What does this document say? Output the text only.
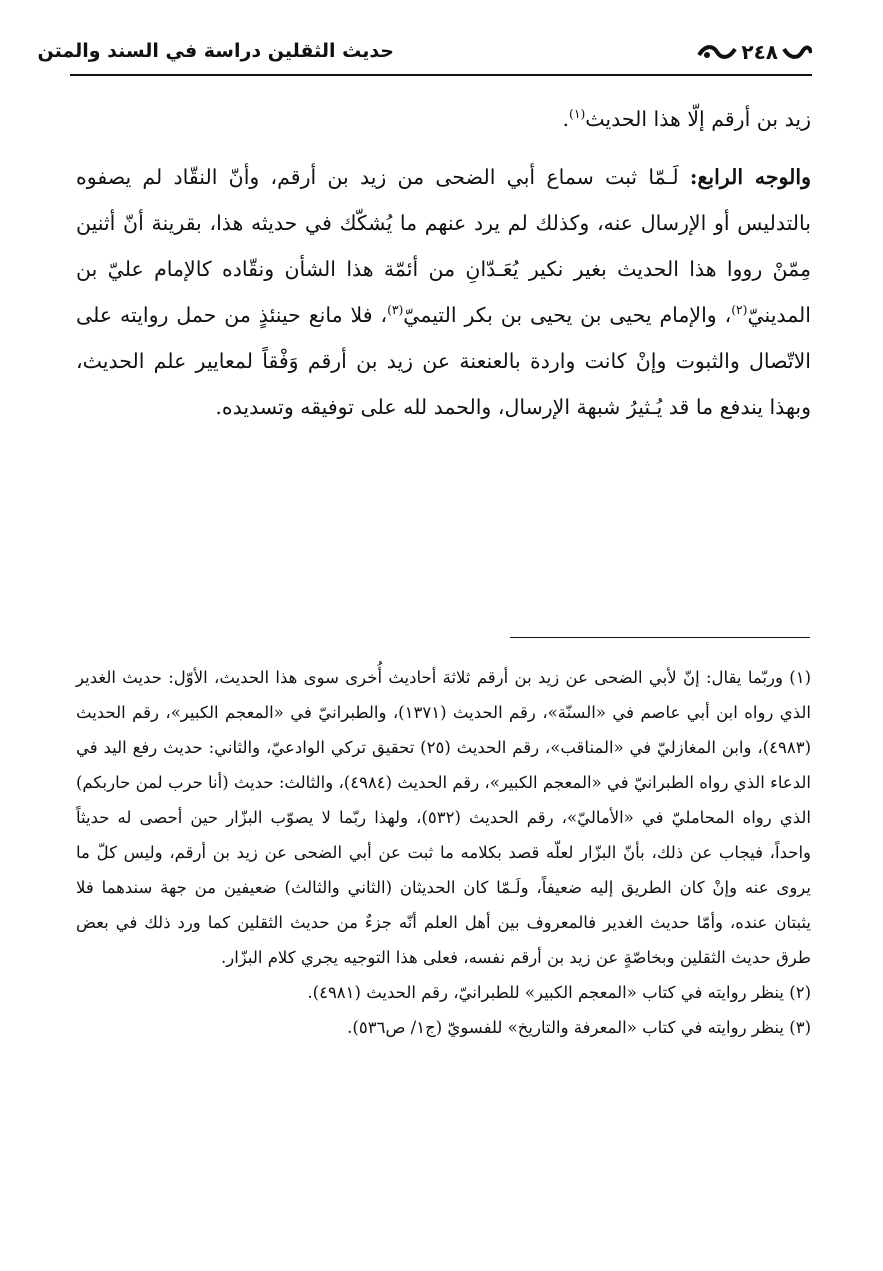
٢٤٨
حديث الثقلين دراسة في السند والمتن

زيد بن أرقم إلّا هذا الحديث$^{(١)}$.

والوجه الرابع: لَـمّا ثبت سماع أبي الضحى من زيد بن أرقم، وأنّ النقّاد لم يصفوه بالتدليس أو الإرسال عنه، وكذلك لم يرد عنهم ما يُشكّك في حديثه هذا، بقرينة أنّ أثنين مِمّنْ رووا هذا الحديث بغير نكير يُعَـدّانِ من أئمّة هذا الشأن ونقّاده كالإمام عليّ بن المدينيّ$^{(٢)}$، والإمام يحيى بن يحيى بن بكر التيميّ$^{(٣)}$، فلا مانع حينئذٍ من حمل روايته على الاتّصال والثبوت وإنْ كانت واردة بالعنعنة عن زيد بن أرقم وَفْقاً لمعايير علم الحديث، وبهذا يندفع ما قد يُـثيرُ شبهة الإرسال، والحمد لله على توفيقه وتسديده.

(١) وربّما يقال: إنّ لأبي الضحى عن زيد بن أرقم ثلاثة أحاديث أُخرى سوى هذا الحديث، الأوّل: حديث الغدير الذي رواه ابن أبي عاصم في «السنّة»، رقم الحديث (١٣٧١)، والطبرانيّ في «المعجم الكبير»، رقم الحديث (٤٩٨٣)، وابن المغازليّ في «المناقب»، رقم الحديث (٢٥) تحقيق تركي الوادعيّ، والثاني: حديث رفع اليد في الدعاء الذي رواه الطبرانيّ في «المعجم الكبير»، رقم الحديث (٤٩٨٤)، والثالث: حديث (أنا حرب لمن حاربكم) الذي رواه المحامليّ في «الأماليّ»، رقم الحديث (٥٣٢)، ولهذا ربّما لا يصوّب البزّار حين أحصى له حديثاً واحداً، فيجاب عن ذلك، بأنّ البزّار لعلّه قصد بكلامه ما ثبت عن أبي الضحى عن زيد بن أرقم، وليس كلّ ما يروى عنه وإنْ كان الطريق إليه ضعيفاً، ولَـمّا كان الحديثان (الثاني والثالث) ضعيفين من جهة سندهما فلا يثبتان عنده، وأمّا حديث الغدير فالمعروف بين أهل العلم أنّه جزءٌ من حديث الثقلين كما ورد ذلك في بعض طرق حديث الثقلين وبخاصّةٍ عن زيد بن أرقم نفسه، فعلى هذا التوجيه يجري كلام البزّار.

(٢) ينظر روايته في كتاب «المعجم الكبير» للطبرانيّ، رقم الحديث (٤٩٨١).

(٣) ينظر روايته في كتاب «المعرفة والتاريخ» للفسويّ (ج١/ ص٥٣٦).
